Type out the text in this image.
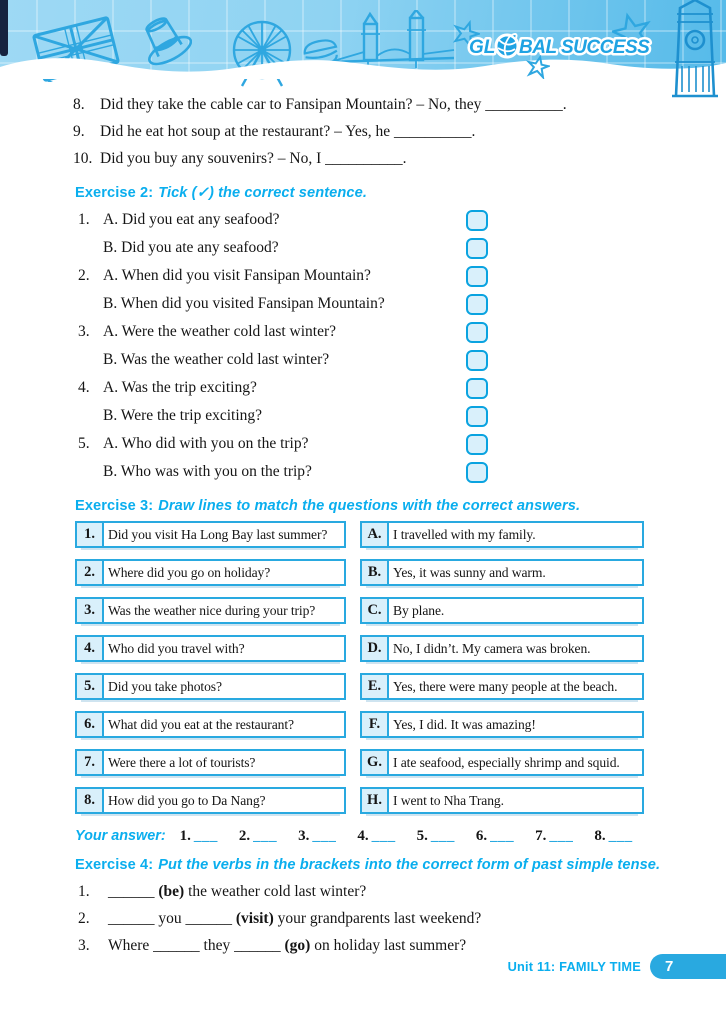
GL BAL SUCCESS
8. Did they take the cable car to Fansipan Mountain? – No, they __________.
9. Did he eat hot soup at the restaurant? – Yes, he __________.
10. Did you buy any souvenirs? – No, I __________.
Exercise 2: Tick (✓) the correct sentence.
1. A. Did you eat any seafood?
B. Did you ate any seafood?
2. A. When did you visit Fansipan Mountain?
B. When did you visited Fansipan Mountain?
3. A. Were the weather cold last winter?
B. Was the weather cold last winter?
4. A. Was the trip exciting?
B. Were the trip exciting?
5. A. Who did with you on the trip?
B. Who was with you on the trip?
Exercise 3: Draw lines to match the questions with the correct answers.
1. Did you visit Ha Long Bay last summer?	A. I travelled with my family.
2. Where did you go on holiday?	B. Yes, it was sunny and warm.
3. Was the weather nice during your trip?	C. By plane.
4. Who did you travel with?	D. No, I didn’t. My camera was broken.
5. Did you take photos?	E. Yes, there were many people at the beach.
6. What did you eat at the restaurant?	F. Yes, I did. It was amazing!
7. Were there a lot of tourists?	G. I ate seafood, especially shrimp and squid.
8. How did you go to Da Nang?	H. I went to Nha Trang.
Your answer: 1. ___ 2. ___ 3. ___ 4. ___ 5. ___ 6. ___ 7. ___ 8. ___
Exercise 4: Put the verbs in the brackets into the correct form of past simple tense.
1.	______ (be) the weather cold last winter?
2.	______ you ______ (visit) your grandparents last weekend?
3.	Where ______ they ______ (go) on holiday last summer?
Unit 11: FAMILY TIME	7
